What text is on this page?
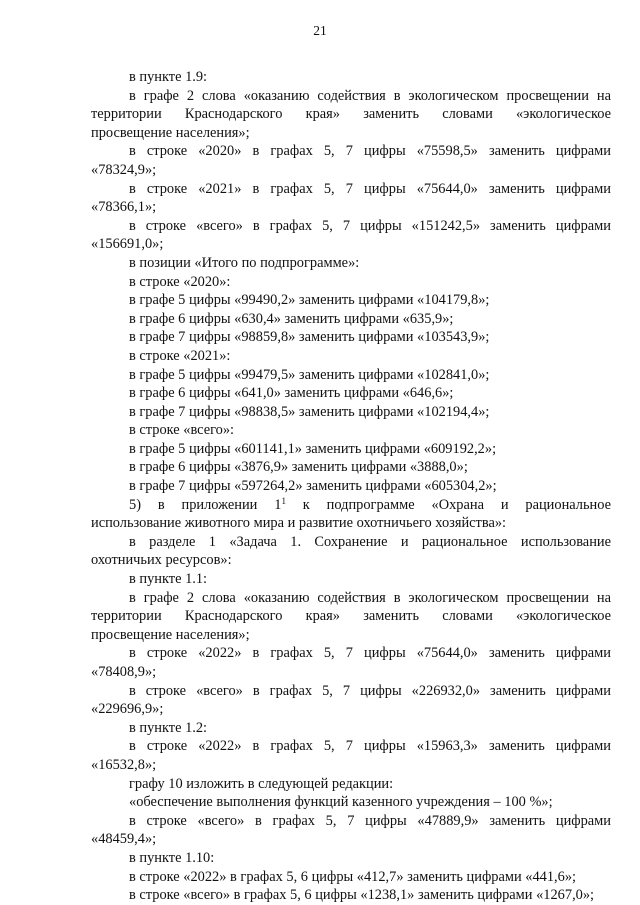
21

в пункте 1.9:

в графе 2 слова «оказанию содействия в экологическом просвещении на

территории Краснодарского края» заменить словами «экологическое

просвещение населения»;

в строке «2020» в графах 5, 7 цифры «75598,5» заменить цифрами

«78324,9»;

в строке «2021» в графах 5, 7 цифры «75644,0» заменить цифрами

«78366,1»;

в строке «всего» в графах 5, 7 цифры «151242,5» заменить цифрами

«156691,0»;

в позиции «Итого по подпрограмме»:

в строке «2020»:

в графе 5 цифры «99490,2» заменить цифрами «104179,8»;

в графе 6 цифры «630,4» заменить цифрами «635,9»;

в графе 7 цифры «98859,8» заменить цифрами «103543,9»;

в строке «2021»:

в графе 5 цифры «99479,5» заменить цифрами «102841,0»;

в графе 6 цифры «641,0» заменить цифрами «646,6»;

в графе 7 цифры «98838,5» заменить цифрами «102194,4»;

в строке «всего»:

в графе 5 цифры «601141,1» заменить цифрами «609192,2»;

в графе 6 цифры «3876,9» заменить цифрами «3888,0»;

в графе 7 цифры «597264,2» заменить цифрами «605304,2»;

5) в приложении $1^1$ к подпрограмме «Охрана и рациональное

использование животного мира и развитие охотничьего хозяйства»:

в разделе 1 «Задача 1. Сохранение и рациональное использование

охотничьих ресурсов»:

в пункте 1.1:

в графе 2 слова «оказанию содействия в экологическом просвещении на

территории Краснодарского края» заменить словами «экологическое

просвещение населения»;

в строке «2022» в графах 5, 7 цифры «75644,0» заменить цифрами

«78408,9»;

в строке «всего» в графах 5, 7 цифры «226932,0» заменить цифрами

«229696,9»;

в пункте 1.2:

в строке «2022» в графах 5, 7 цифры «15963,3» заменить цифрами

«16532,8»;

графу 10 изложить в следующей редакции:

«обеспечение выполнения функций казенного учреждения – 100 %»;

в строке «всего» в графах 5, 7 цифры «47889,9» заменить цифрами

«48459,4»;

в пункте 1.10:

в строке «2022» в графах 5, 6 цифры «412,7» заменить цифрами «441,6»;

в строке «всего» в графах 5, 6 цифры «1238,1» заменить цифрами «1267,0»;
